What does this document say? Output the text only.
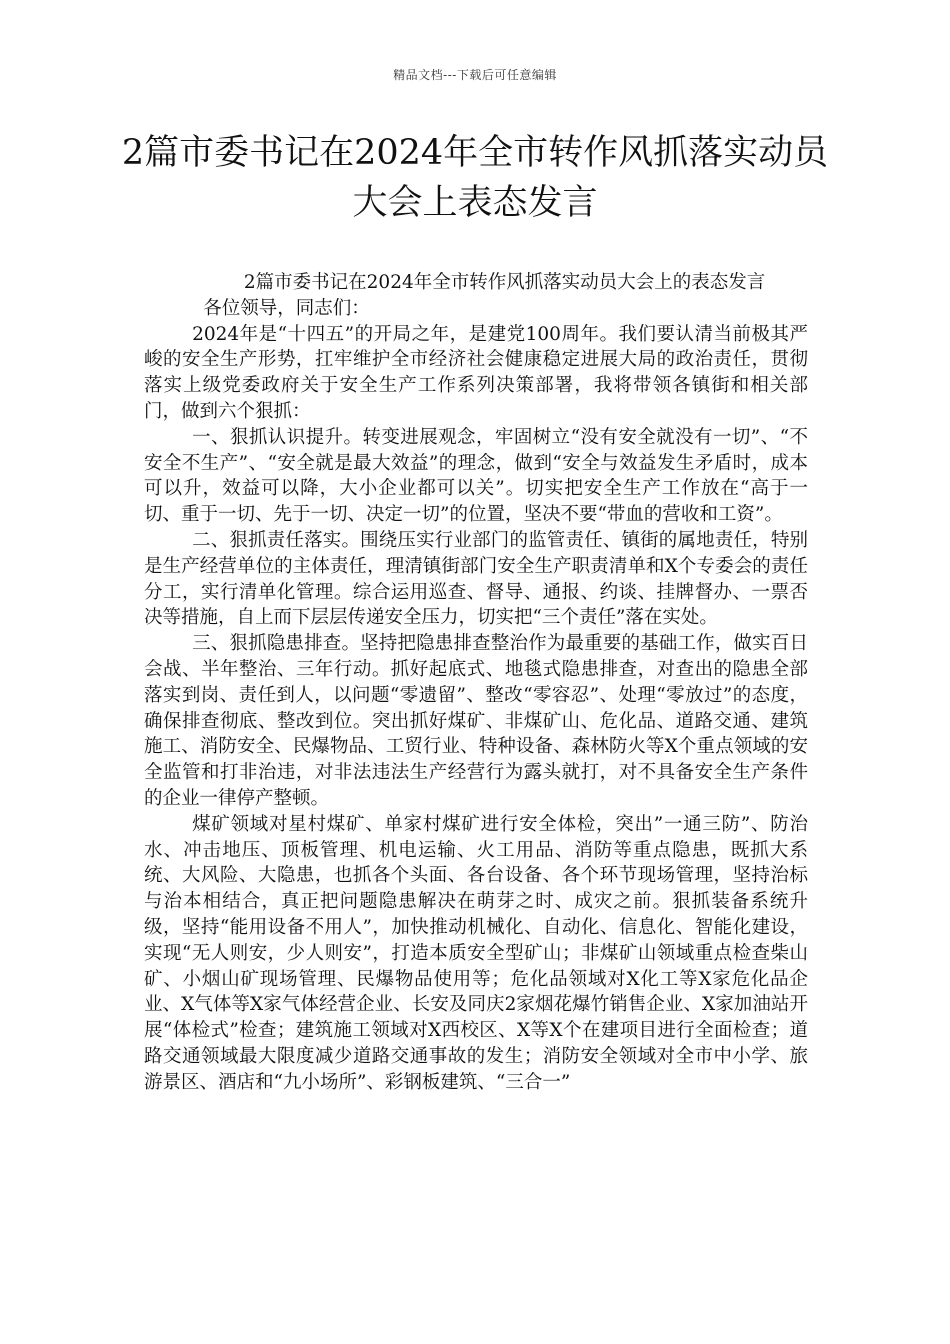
精品文档---下载后可任意编辑
2篇市委书记在2024年全市转作风抓落实动员大会上表态发言

2篇市委书记在2024年全市转作风抓落实动员大会上的表态发言

各位领导，同志们：

2024年是“十四五”的开局之年，是建党100周年。我们要认清当前极其严峻的安全生产形势，扛牢维护全市经济社会健康稳定进展大局的政治责任，贯彻落实上级党委政府关于安全生产工作系列决策部署，我将带领各镇街和相关部门，做到六个狠抓：

一、狠抓认识提升。转变进展观念，牢固树立“没有安全就没有一切”、“不安全不生产”、“安全就是最大效益”的理念，做到“安全与效益发生矛盾时，成本可以升，效益可以降，大小企业都可以关”。切实把安全生产工作放在“高于一切、重于一切、先于一切、决定一切”的位置，坚决不要“带血的营收和工资”。

二、狠抓责任落实。围绕压实行业部门的监管责任、镇街的属地责任，特别是生产经营单位的主体责任，理清镇街部门安全生产职责清单和X个专委会的责任分工，实行清单化管理。综合运用巡查、督导、通报、约谈、挂牌督办、一票否决等措施，自上而下层层传递安全压力，切实把“三个责任”落在实处。

三、狠抓隐患排查。坚持把隐患排查整治作为最重要的基础工作，做实百日会战、半年整治、三年行动。抓好起底式、地毯式隐患排查，对查出的隐患全部落实到岗、责任到人，以问题“零遗留”、整改“零容忍”、处理“零放过”的态度，确保排查彻底、整改到位。突出抓好煤矿、非煤矿山、危化品、道路交通、建筑施工、消防安全、民爆物品、工贸行业、特种设备、森林防火等X个重点领域的安全监管和打非治违，对非法违法生产经营行为露头就打，对不具备安全生产条件的企业一律停产整顿。

煤矿领域对星村煤矿、单家村煤矿进行安全体检，突出”一通三防”、防治水、冲击地压、顶板管理、机电运输、火工用品、消防等重点隐患，既抓大系统、大风险、大隐患，也抓各个头面、各台设备、各个环节现场管理，坚持治标与治本相结合，真正把问题隐患解决在萌芽之时、成灾之前。狠抓装备系统升级，坚持“能用设备不用人”，加快推动机械化、自动化、信息化、智能化建设，实现“无人则安，少人则安”，打造本质安全型矿山；非煤矿山领域重点检查柴山矿、小烟山矿现场管理、民爆物品使用等；危化品领域对X化工等X家危化品企业、X气体等X家气体经营企业、长安及同庆2家烟花爆竹销售企业、X家加油站开展“体检式”检查；建筑施工领域对X西校区、X等X个在建项目进行全面检查；道路交通领域最大限度减少道路交通事故的发生；消防安全领域对全市中小学、旅游景区、酒店和“九小场所”、彩钢板建筑、“三合一”
